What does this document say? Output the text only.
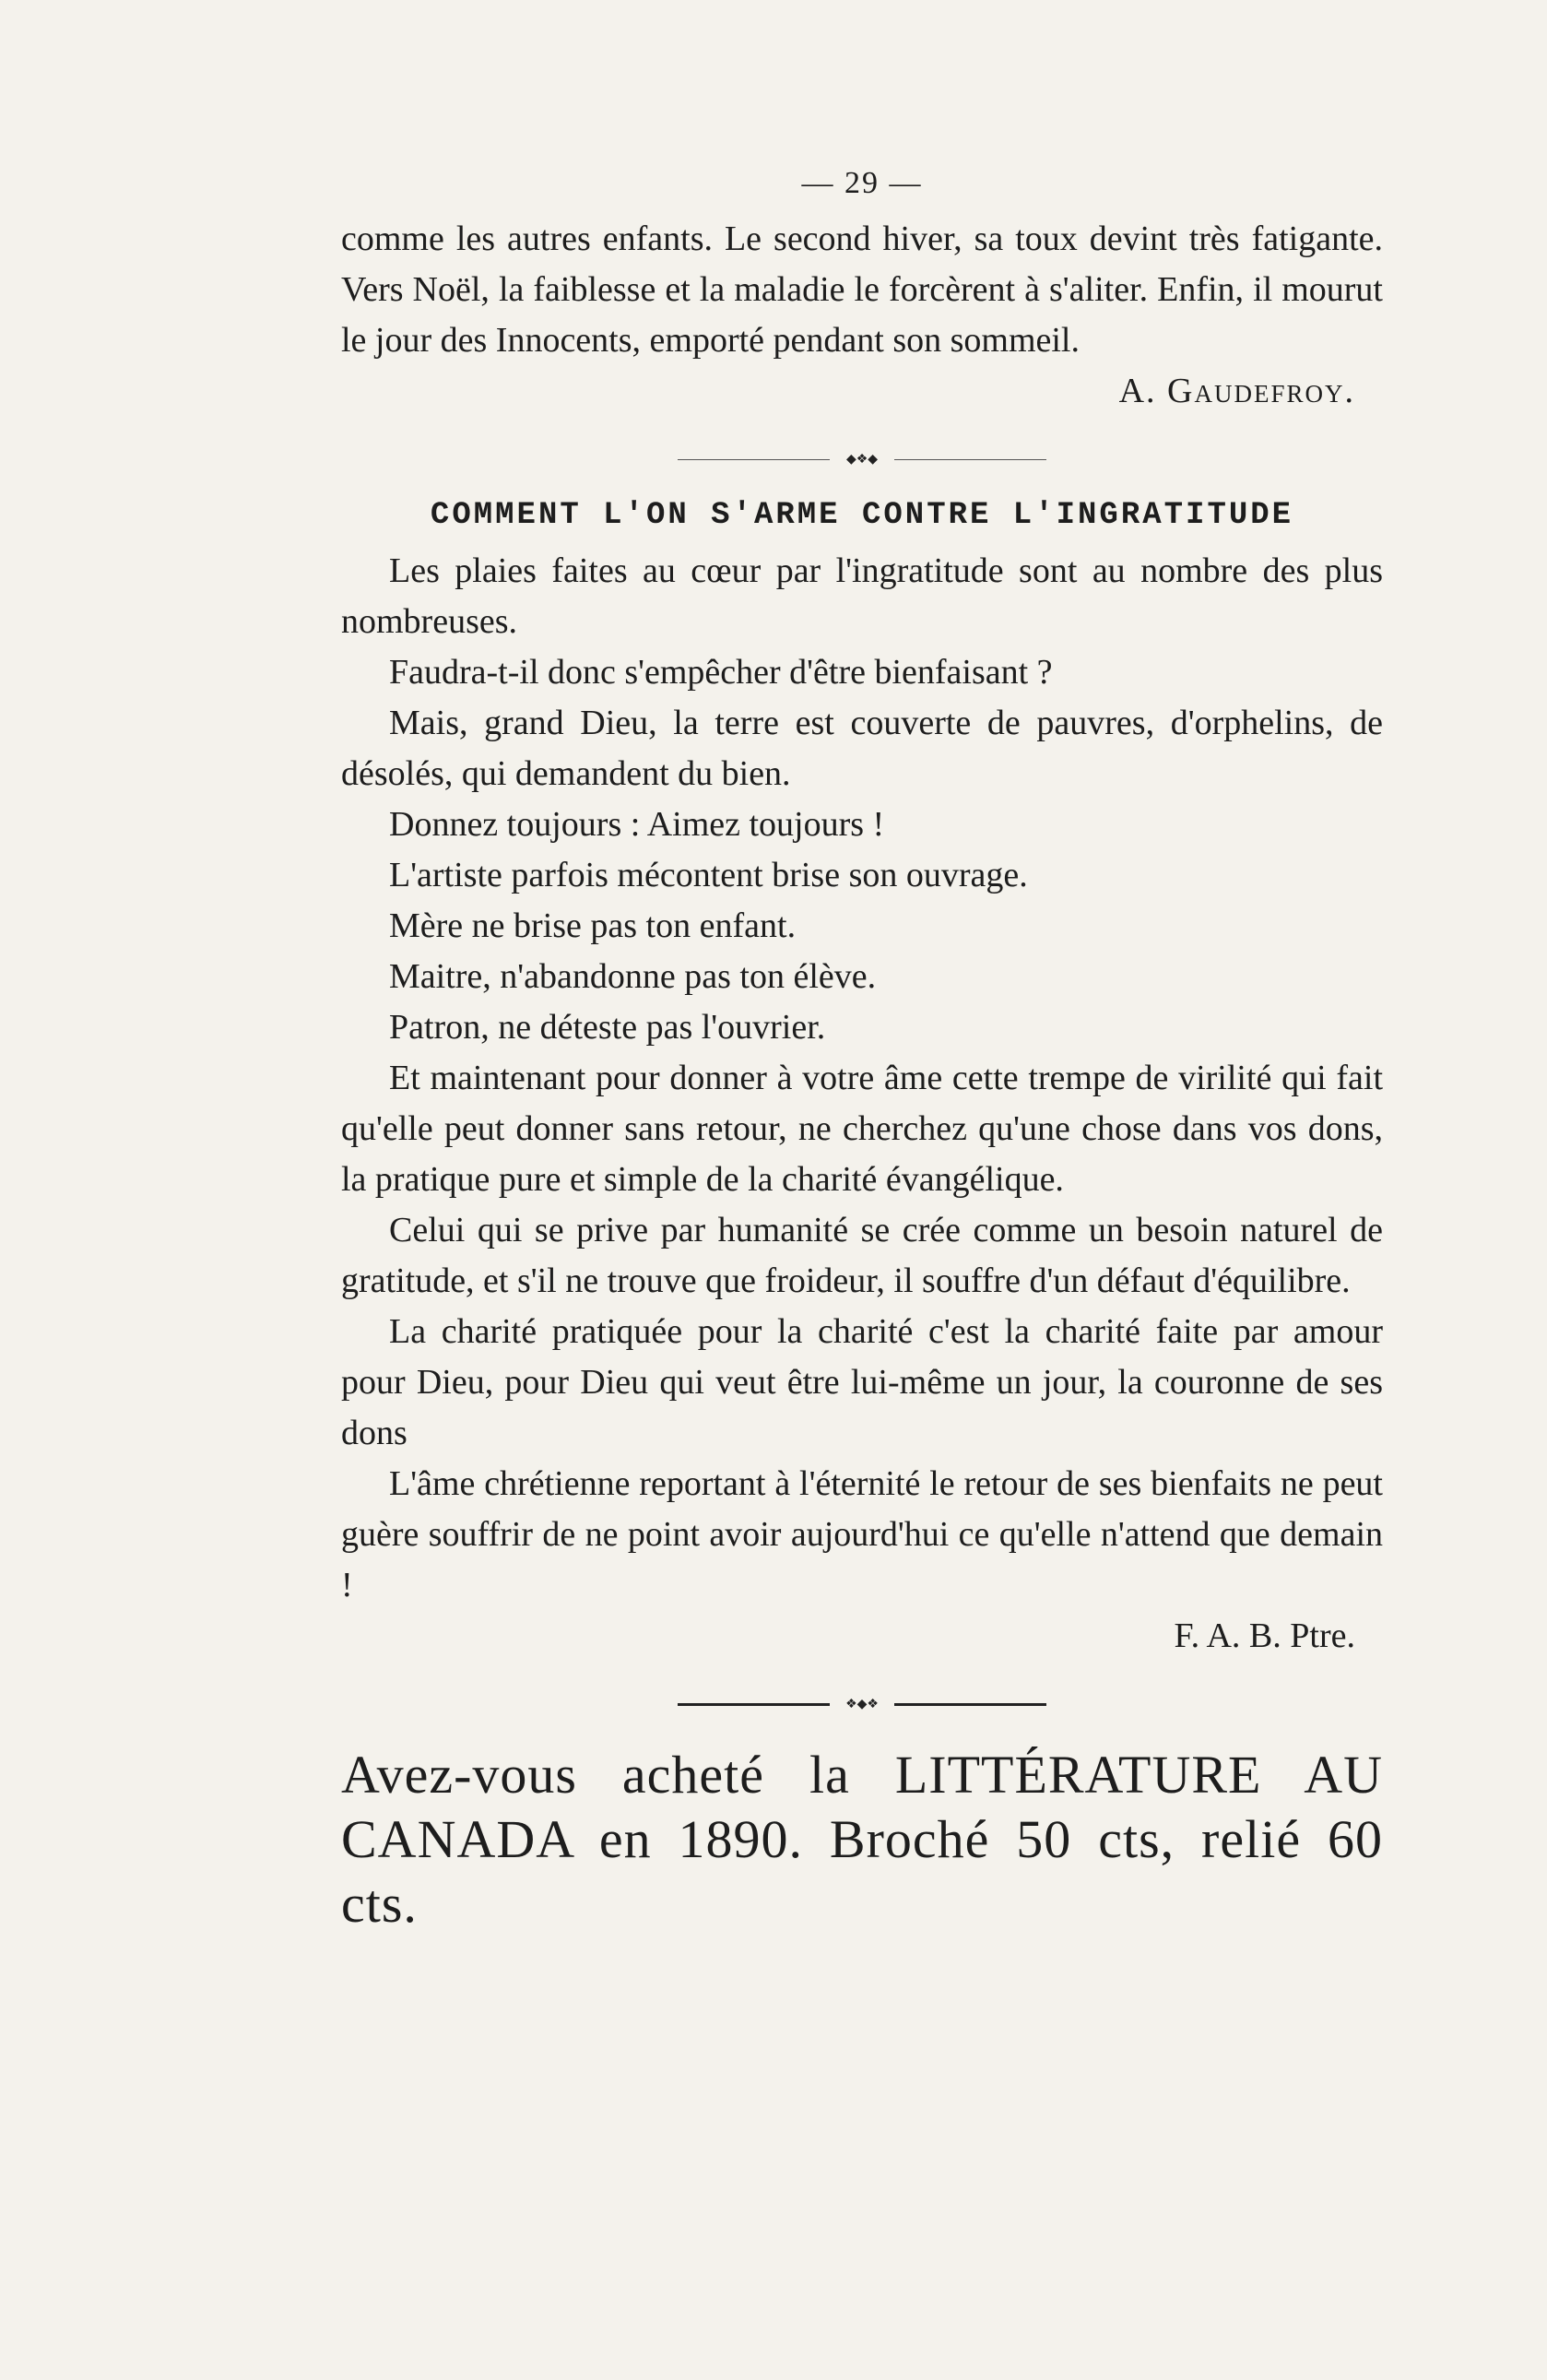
— 29 —

comme les autres enfants. Le second hiver, sa toux devint très fatigante. Vers Noël, la faiblesse et la maladie le forcèrent à s'aliter. Enfin, il mourut le jour des Innocents, emporté pendant son sommeil.

A. Gaudefroy.

◆❖◆
COMMENT L'ON S'ARME CONTRE L'INGRATITUDE

Les plaies faites au cœur par l'ingratitude sont au nombre des plus nombreuses.

Faudra-t-il donc s'empêcher d'être bienfaisant ?

Mais, grand Dieu, la terre est couverte de pauvres, d'orphelins, de désolés, qui demandent du bien.

Donnez toujours : Aimez toujours !

L'artiste parfois mécontent brise son ouvrage.

Mère ne brise pas ton enfant.

Maitre, n'abandonne pas ton élève.

Patron, ne déteste pas l'ouvrier.

Et maintenant pour donner à votre âme cette trempe de virilité qui fait qu'elle peut donner sans retour, ne cherchez qu'une chose dans vos dons, la pratique pure et simple de la charité évangélique.

Celui qui se prive par humanité se crée comme un besoin naturel de gratitude, et s'il ne trouve que froideur, il souffre d'un défaut d'équilibre.

La charité pratiquée pour la charité c'est la charité faite par amour pour Dieu, pour Dieu qui veut être lui-même un jour, la couronne de ses dons

L'âme chrétienne reportant à l'éternité le retour de ses bienfaits ne peut guère souffrir de ne point avoir aujourd'hui ce qu'elle n'attend que demain !

F. A. B. Ptre.

❖◆❖
Avez-vous acheté la LITTÉRATURE AU
CANADA en 1890. Broché 50 cts, relié 60 cts.
